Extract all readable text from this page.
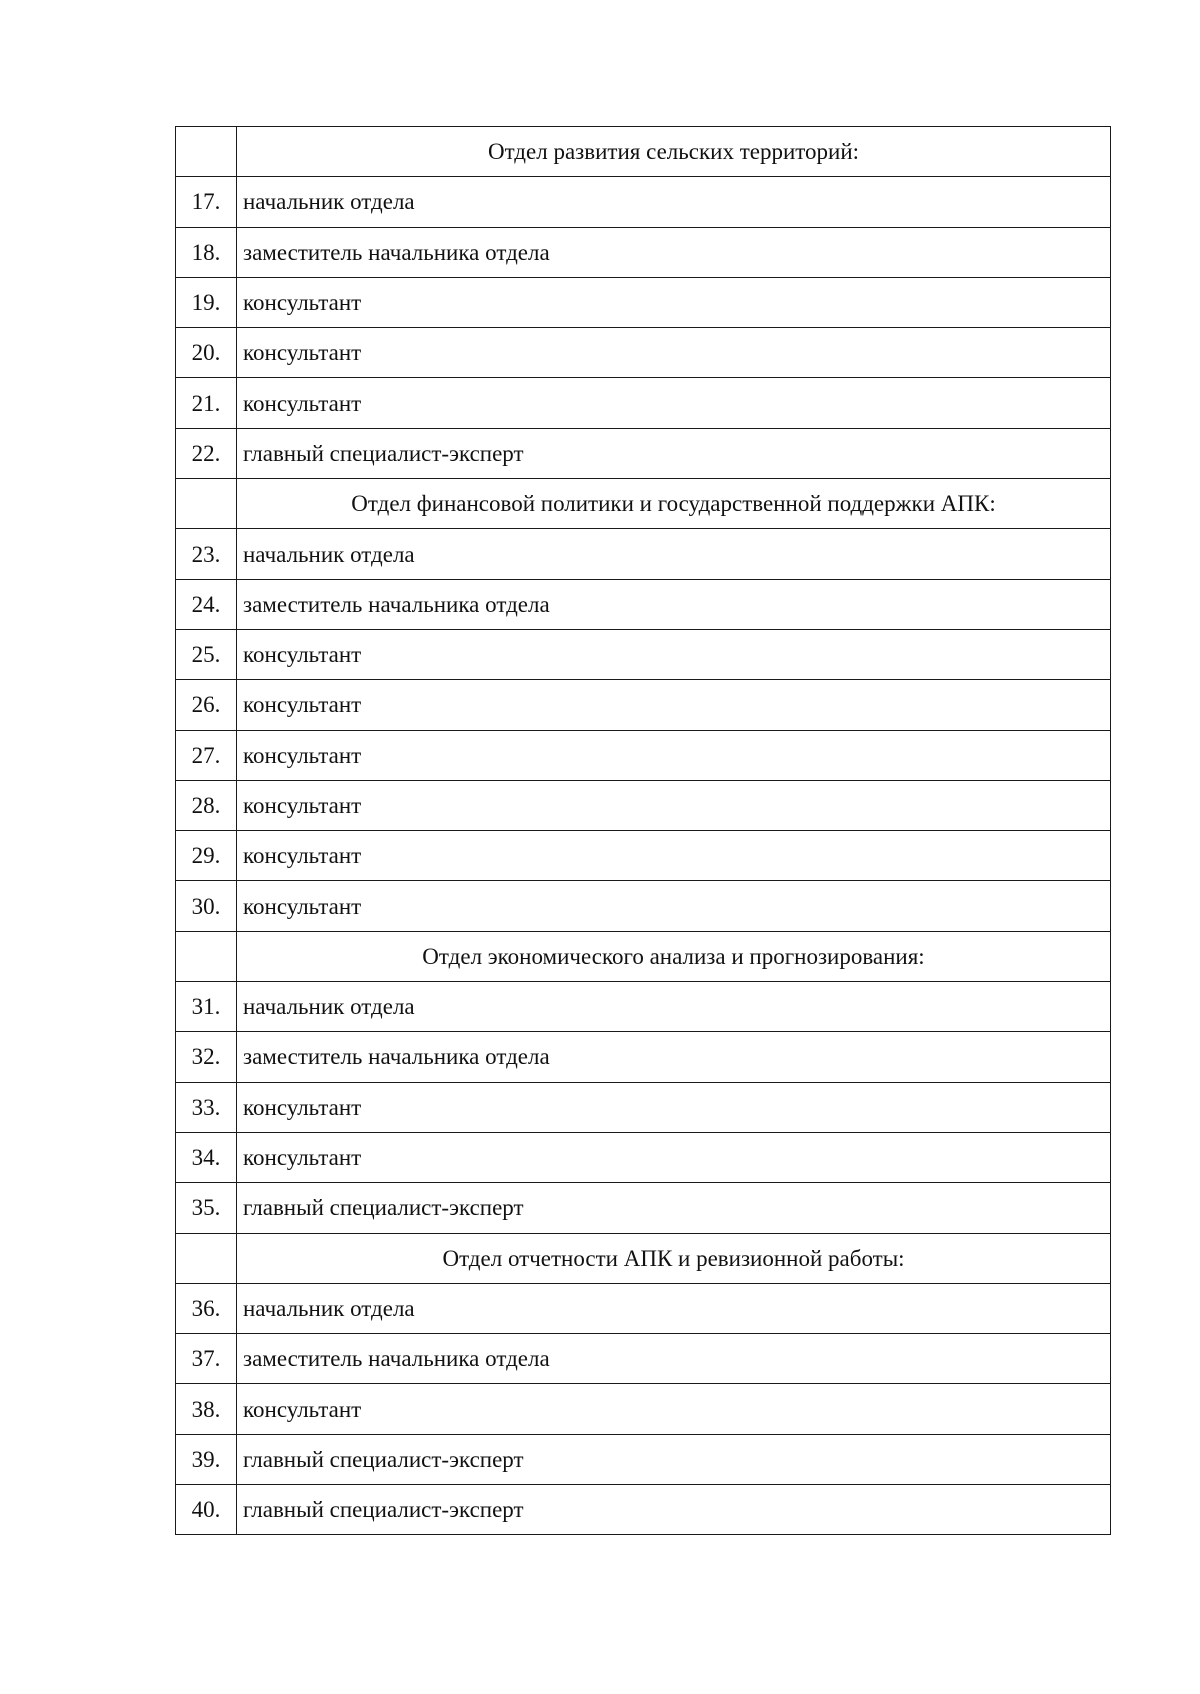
	Отдел развития сельских территорий:
17.	начальник отдела
18.	заместитель начальника отдела
19.	консультант
20.	консультант
21.	консультант
22.	главный специалист-эксперт
	Отдел финансовой политики и государственной поддержки АПК:
23.	начальник отдела
24.	заместитель начальника отдела
25.	консультант
26.	консультант
27.	консультант
28.	консультант
29.	консультант
30.	консультант
	Отдел экономического анализа и прогнозирования:
31.	начальник отдела
32.	заместитель начальника отдела
33.	консультант
34.	консультант
35.	главный специалист-эксперт
	Отдел отчетности АПК и ревизионной работы:
36.	начальник отдела
37.	заместитель начальника отдела
38.	консультант
39.	главный специалист-эксперт
40.	главный специалист-эксперт
